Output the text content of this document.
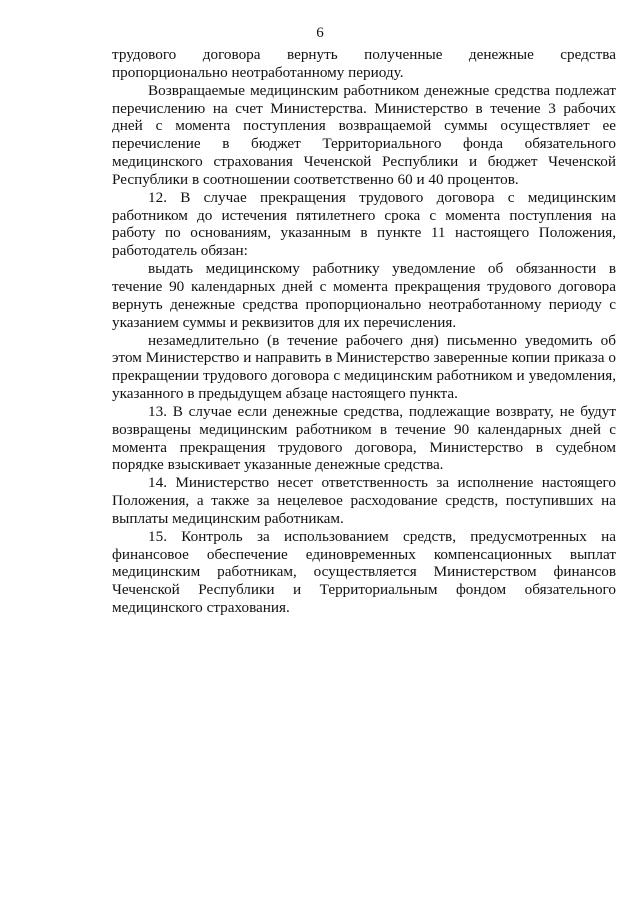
6

трудового договора вернуть полученные денежные средства
пропорционально неотработанному периоду.

Возвращаемые медицинским работником денежные средства подлежат перечислению на счет Министерства. Министерство в течение 3 рабочих дней с момента поступления возвращаемой суммы осуществляет ее перечисление в бюджет Территориального фонда обязательного медицинского страхования Чеченской Республики и бюджет Чеченской Республики в соотношении соответственно 60 и 40 процентов.

12. В случае прекращения трудового договора с медицинским работником до истечения пятилетнего срока с момента поступления на работу по основаниям, указанным в пункте 11 настоящего Положения, работодатель обязан:

выдать медицинскому работнику уведомление об обязанности в течение 90 календарных дней с момента прекращения трудового договора вернуть денежные средства пропорционально неотработанному периоду с указанием суммы и реквизитов для их перечисления.

незамедлительно (в течение рабочего дня) письменно уведомить об этом Министерство и направить в Министерство заверенные копии приказа о прекращении трудового договора с медицинским работником и уведомления, указанного в предыдущем абзаце настоящего пункта.

13. В случае если денежные средства, подлежащие возврату, не будут возвращены медицинским работником в течение 90 календарных дней с момента прекращения трудового договора, Министерство в судебном порядке взыскивает указанные денежные средства.

14. Министерство несет ответственность за исполнение настоящего Положения, а также за нецелевое расходование средств, поступивших на выплаты медицинским работникам.

15. Контроль за использованием средств, предусмотренных на финансовое обеспечение единовременных компенсационных выплат медицинским работникам, осуществляется Министерством финансов Чеченской Республики и Территориальным фондом обязательного медицинского страхования.
